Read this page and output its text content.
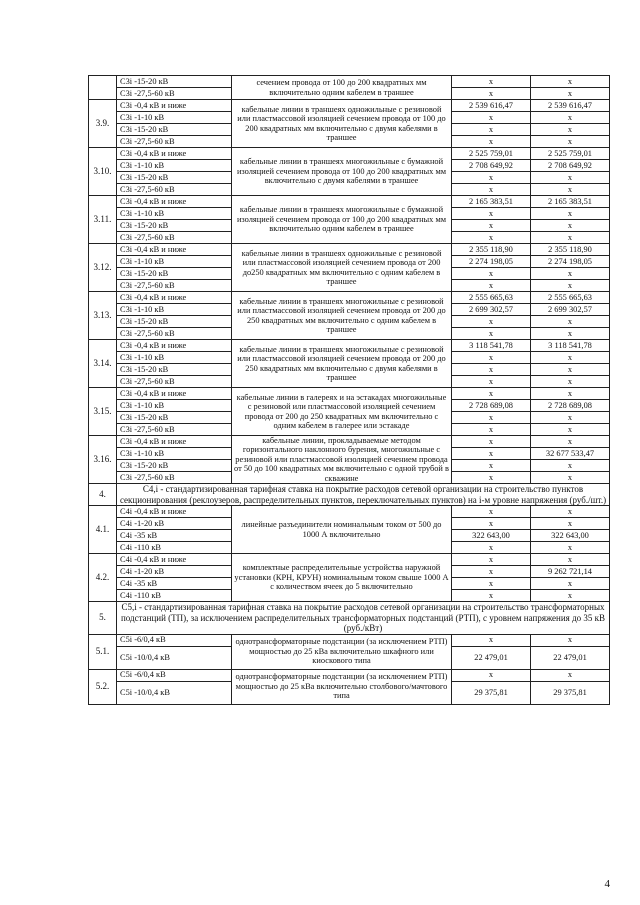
	C3i -15-20 кВ	сечением провода от 100 до 200 квадратных мм включительно одним кабелем в траншее	x	x
	C3i -27,5-60 кВ		x	x
3.9.	C3i -0,4 кВ и ниже	кабельные линии в траншеях одножильные с резиновой или пластмассовой изоляцией сечением провода от 100 до 200 квадратных мм включительно с двумя кабелями в траншее	2 539 616,47	2 539 616,47
	C3i -1-10 кВ		x	x
	C3i -15-20 кВ		x	x
	C3i -27,5-60 кВ		x	x
3.10.	C3i -0,4 кВ и ниже	кабельные линии в траншеях многожильные с бумажной изоляцией сечением провода от 100 до 200 квадратных мм включительно с двумя кабелями в траншее	2 525 759,01	2 525 759,01
	C3i -1-10 кВ		2 708 649,92	2 708 649,92
	C3i -15-20 кВ		x	x
	C3i -27,5-60 кВ		x	x
3.11.	C3i -0,4 кВ и ниже	кабельные линии в траншеях многожильные с бумажной изоляцией сечением провода от 100 до 200 квадратных мм включительно одним кабелем в траншее	2 165 383,51	2 165 383,51
	C3i -1-10 кВ		x	x
	C3i -15-20 кВ		x	x
	C3i -27,5-60 кВ		x	x
3.12.	C3i -0,4 кВ и ниже	кабельные линии в траншеях одножильные с резиновой или пластмассовой изоляцией сечением провода от 200 до250 квадратных мм включительно с одним кабелем в траншее	2 355 118,90	2 355 118,90
	C3i -1-10 кВ		2 274 198,05	2 274 198,05
	C3i -15-20 кВ		x	x
	C3i -27,5-60 кВ		x	x
3.13.	C3i -0,4 кВ и ниже	кабельные линии в траншеях многожильные с резиновой или пластмассовой изоляцией сечением провода от 200 до 250 квадратных мм включительно с одним кабелем в траншее	2 555 665,63	2 555 665,63
	C3i -1-10 кВ		2 699 302,57	2 699 302,57
	C3i -15-20 кВ		x	x
	C3i -27,5-60 кВ		x	x
3.14.	C3i -0,4 кВ и ниже	кабельные линии в траншеях многожильные с резиновой или пластмассовой изоляцией сечением провода от 200 до 250 квадратных мм включительно с двумя кабелями в траншее	3 118 541,78	3 118 541,78
	C3i -1-10 кВ		x	x
	C3i -15-20 кВ		x	x
	C3i -27,5-60 кВ		x	x
3.15.	C3i -0,4 кВ и ниже	кабельные линии в галереях и на эстакадах многожильные с резиновой или пластмассовой изоляцией сечением провода от 200 до 250 квадратных мм включительно с одним кабелем в галерее или эстакаде	x	x
	C3i -1-10 кВ		2 728 689,08	2 728 689,08
	C3i -15-20 кВ		x	x
	C3i -27,5-60 кВ		x	x
3.16.	C3i -0,4 кВ и ниже	кабельные линии, прокладываемые методом горизонтального наклонного бурения, многожильные с резиновой или пластмассовой изоляцией сечением провода от 50 до 100 квадратных мм включительно с одной трубой в скважине	x	x
	C3i -1-10 кВ		x	32 677 533,47
	C3i -15-20 кВ		x	x
	C3i -27,5-60 кВ		x	x
4.	C4,i - стандартизированная тарифная ставка на покрытие расходов сетевой организации на строительство пунктов секционирования (реклоузеров, распределительных пунктов, переключательных пунктов) на i-м уровне напряжения (руб./шт.)			
4.1.	C4i -0,4 кВ и ниже	линейные разъединители номинальным током от 500 до 1000 А включительно	x	x
	C4i -1-20 кВ		x	x
	C4i -35 кВ		322 643,00	322 643,00
	C4i -110 кВ		x	x
4.2.	C4i -0,4 кВ и ниже	комплектные распределительные устройства наружной установки (КРН, КРУН) номинальным током свыше 1000 А с количеством ячеек до 5 включительно	x	x
	C4i -1-20 кВ		x	9 262 721,14
	C4i -35 кВ		x	x
	C4i -110 кВ		x	x
5.	C5,i - стандартизированная тарифная ставка на покрытие расходов сетевой организации на строительство трансформаторных подстанций (ТП), за исключением распределительных трансформаторных подстанций (РТП), с уровнем напряжения до 35 кВ (руб./кВт)			
5.1.	C5i -6/0,4 кВ	однотрансформаторные подстанции (за исключением РТП) мощностью до 25 кВа включительно шкафного или киоскового типа	x	x
	C5i -10/0,4 кВ		22 479,01	22 479,01
5.2.	C5i -6/0,4 кВ	однотрансформаторные подстанции (за исключением РТП) мощностью до 25 кВа включительно столбового/мачтового типа	x	x
	C5i -10/0,4 кВ		29 375,81	29 375,81
4
